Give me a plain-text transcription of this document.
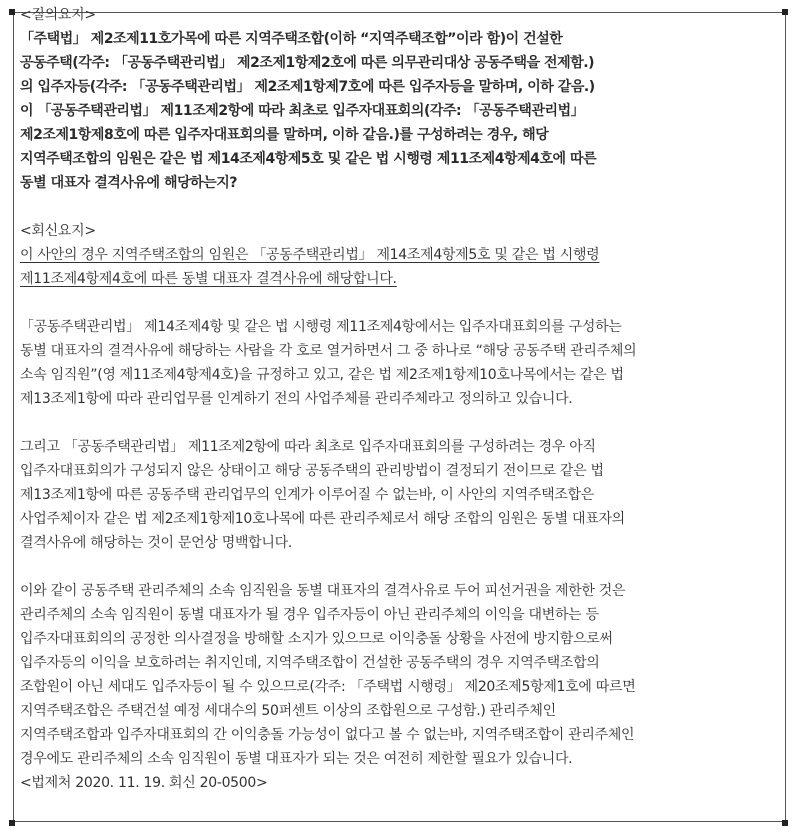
<질의요지>
「주택법」 제2조제11호가목에 따른 지역주택조합(이하 “지역주택조합”이라 함)이 건설한
공동주택(각주: 「공동주택관리법」 제2조제1항제2호에 따른 의무관리대상 공동주택을 전제함.)
의 입주자등(각주: 「공동주택관리법」 제2조제1항제7호에 따른 입주자등을 말하며, 이하 같음.)
이 「공동주택관리법」 제11조제2항에 따라 최초로 입주자대표회의(각주: 「공동주택관리법」
제2조제1항제8호에 따른 입주자대표회의를 말하며, 이하 같음.)를 구성하려는 경우, 해당
지역주택조합의 임원은 같은 법 제14조제4항제5호 및 같은 법 시행령 제11조제4항제4호에 따른
동별 대표자 결격사유에 해당하는지?
<회신요지>
이 사안의 경우 지역주택조합의 임원은 「공동주택관리법」 제14조제4항제5호 및 같은 법 시행령
제11조제4항제4호에 따른 동별 대표자 결격사유에 해당합니다.
「공동주택관리법」 제14조제4항 및 같은 법 시행령 제11조제4항에서는 입주자대표회의를 구성하는
동별 대표자의 결격사유에 해당하는 사람을 각 호로 열거하면서 그 중 하나로 “해당 공동주택 관리주체의
소속 임직원”(영 제11조제4항제4호)을 규정하고 있고, 같은 법 제2조제1항제10호나목에서는 같은 법
제13조제1항에 따라 관리업무를 인계하기 전의 사업주체를 관리주체라고 정의하고 있습니다.
그리고 「공동주택관리법」 제11조제2항에 따라 최초로 입주자대표회의를 구성하려는 경우 아직
입주자대표회의가 구성되지 않은 상태이고 해당 공동주택의 관리방법이 결정되기 전이므로 같은 법
제13조제1항에 따른 공동주택 관리업무의 인계가 이루어질 수 없는바, 이 사안의 지역주택조합은
사업주체이자 같은 법 제2조제1항제10호나목에 따른 관리주체로서 해당 조합의 임원은 동별 대표자의
결격사유에 해당하는 것이 문언상 명백합니다.
이와 같이 공동주택 관리주체의 소속 임직원을 동별 대표자의 결격사유로 두어 피선거권을 제한한 것은
관리주체의 소속 임직원이 동별 대표자가 될 경우 입주자등이 아닌 관리주체의 이익을 대변하는 등
입주자대표회의의 공정한 의사결정을 방해할 소지가 있으므로 이익충돌 상황을 사전에 방지함으로써
입주자등의 이익을 보호하려는 취지인데, 지역주택조합이 건설한 공동주택의 경우 지역주택조합의
조합원이 아닌 세대도 입주자등이 될 수 있으므로(각주: 「주택법 시행령」 제20조제5항제1호에 따르면
지역주택조합은 주택건설 예정 세대수의 50퍼센트 이상의 조합원으로 구성함.) 관리주체인
지역주택조합과 입주자대표회의 간 이익충돌 가능성이 없다고 볼 수 없는바, 지역주택조합이 관리주체인
경우에도 관리주체의 소속 임직원이 동별 대표자가 되는 것은 여전히 제한할 필요가 있습니다.
<법제처 2020. 11. 19. 회신 20-0500>
